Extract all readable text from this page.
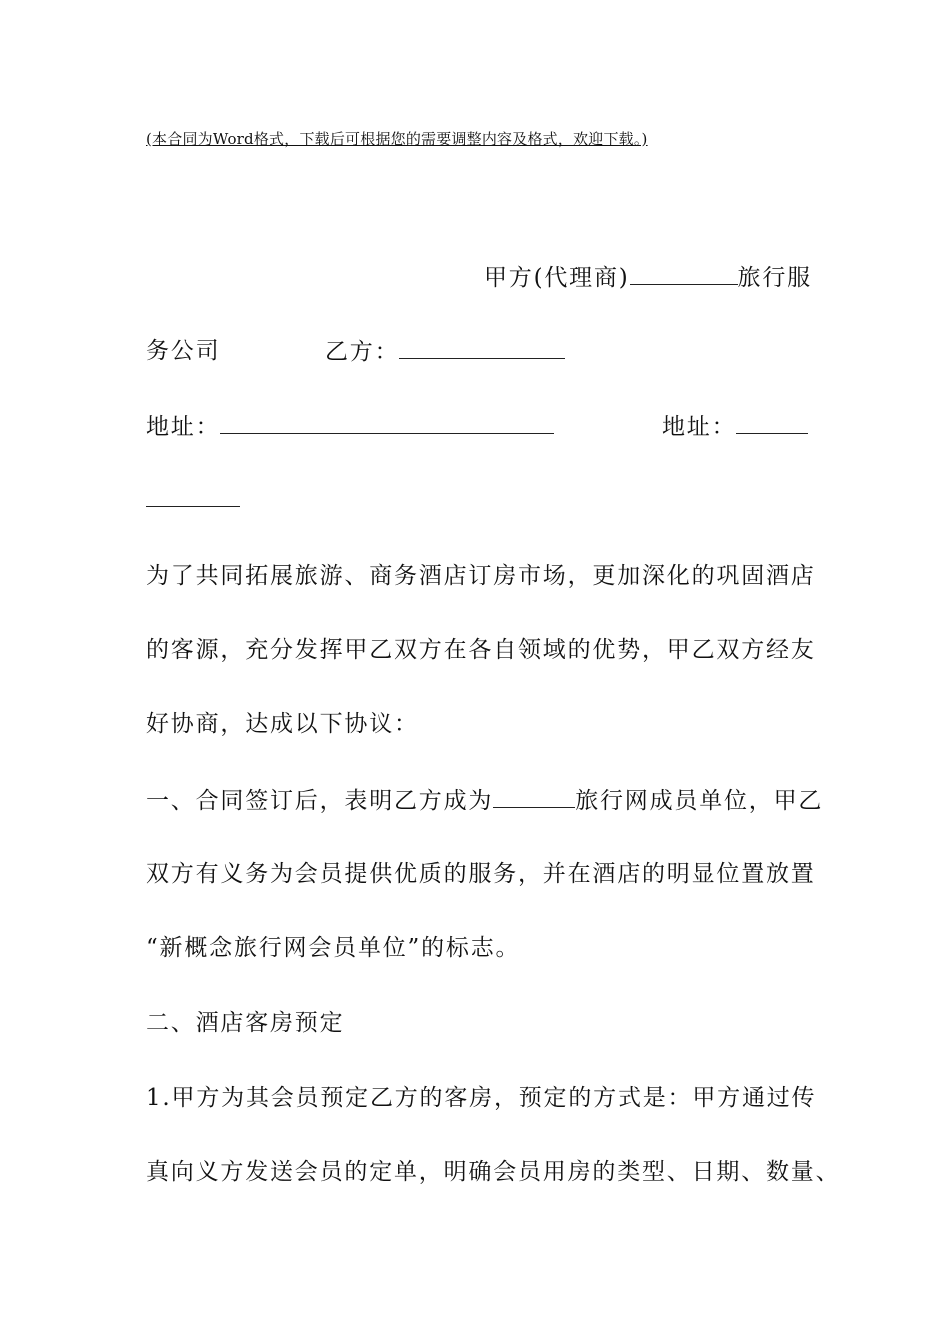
(本合同为Word格式，下载后可根据您的需要调整内容及格式，欢迎下载。)
甲方(代理商)	旅行服
务公司	乙方：
地址：	地址：
为了共同拓展旅游、商务酒店订房市场，更加深化的巩固酒店
的客源，充分发挥甲乙双方在各自领域的优势，甲乙双方经友
好协商，达成以下协议：
一、合同签订后，表明乙方成为	旅行网成员单位，甲乙
双方有义务为会员提供优质的服务，并在酒店的明显位置放置
“新概念旅行网会员单位”的标志。
二、酒店客房预定
1.甲方为其会员预定乙方的客房，预定的方式是：甲方通过传
真向义方发送会员的定单，明确会员用房的类型、日期、数量、
